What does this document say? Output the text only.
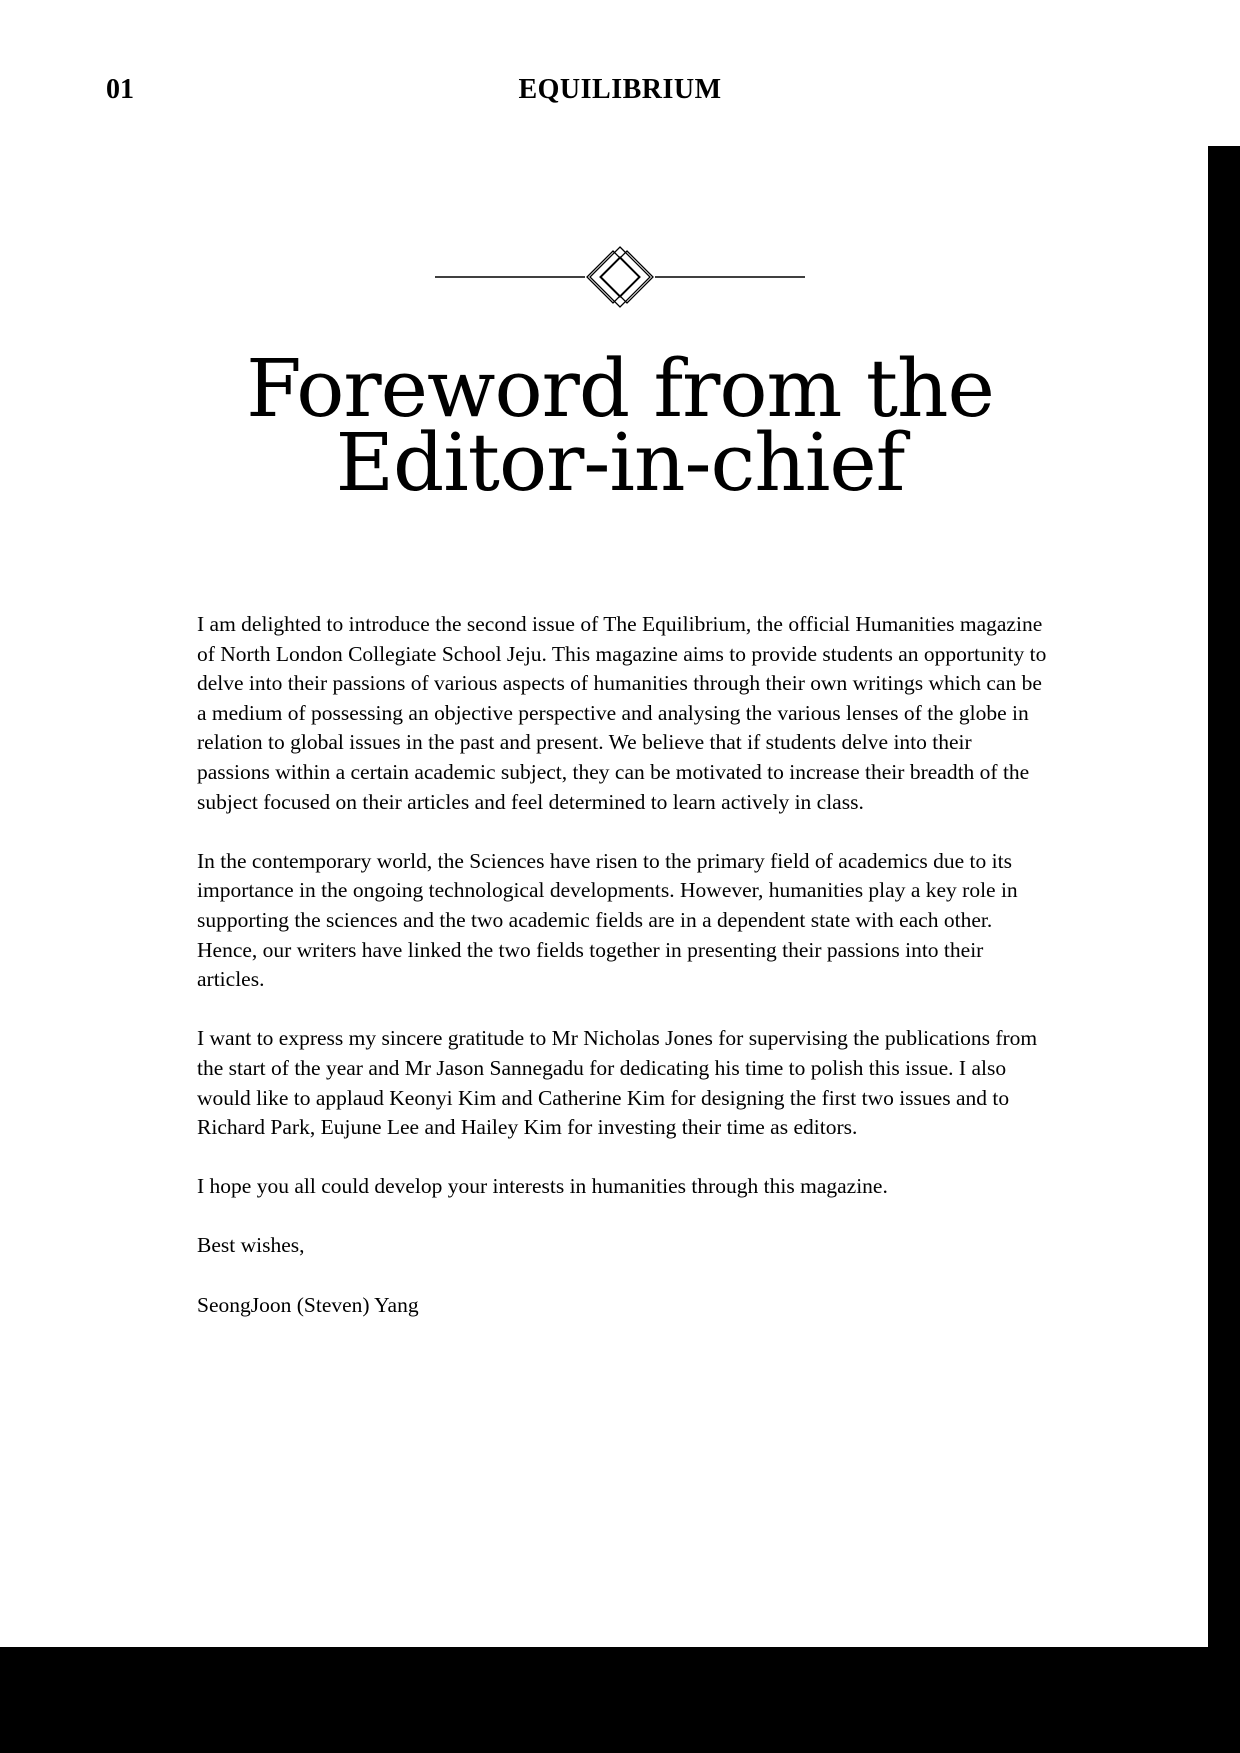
01	EQUILIBRIUM
Foreword from the
Editor-in-chief

I am delighted to introduce the second issue of The Equilibrium, the official Humanities magazine of North London Collegiate School Jeju. This magazine aims to provide students an opportunity to delve into their passions of various aspects of humanities through their own writings which can be a medium of possessing an objective perspective and analysing the various lenses of the globe in relation to global issues in the past and present. We believe that if students delve into their passions within a certain academic subject, they can be motivated to increase their breadth of the subject focused on their articles and feel determined to learn actively in class.

In the contemporary world, the Sciences have risen to the primary field of academics due to its importance in the ongoing technological developments. However, humanities play a key role in supporting the sciences and the two academic fields are in a dependent state with each other. Hence, our writers have linked the two fields together in presenting their passions into their articles.

I want to express my sincere gratitude to Mr Nicholas Jones for supervising the publications from the start of the year and Mr Jason Sannegadu for dedicating his time to polish this issue. I also would like to applaud Keonyi Kim and Catherine Kim for designing the first two issues and to Richard Park, Eujune Lee and Hailey Kim for investing their time as editors.

I hope you all could develop your interests in humanities through this magazine.

Best wishes,

SeongJoon (Steven) Yang
